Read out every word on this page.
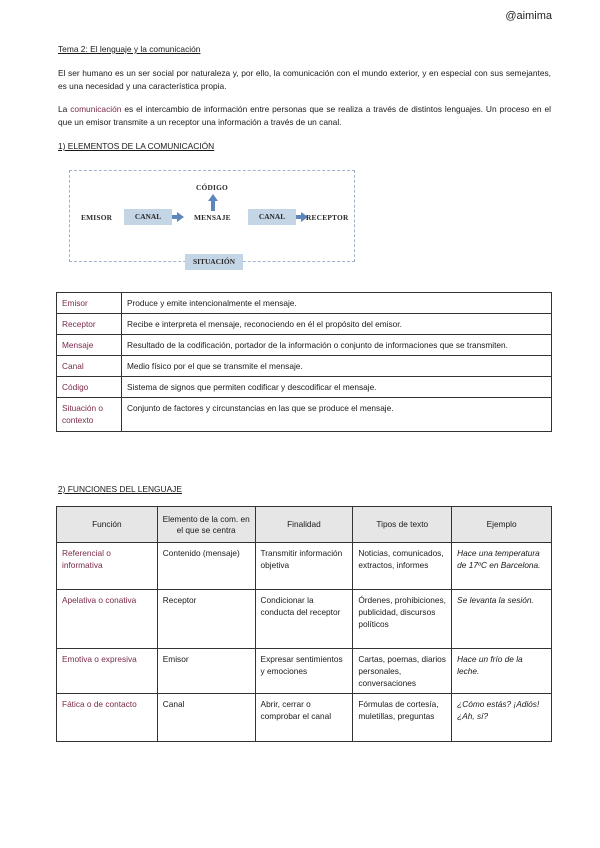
@aimima
Tema 2: El lenguaje y la comunicación

El ser humano es un ser social por naturaleza y, por ello, la comunicación con el mundo exterior, y en especial con sus semejantes, es una necesidad y una característica propia.

La comunicación es el intercambio de información entre personas que se realiza a través de distintos lenguajes. Un proceso en el que un emisor transmite a un receptor una información a través de un canal.

1) ELEMENTOS DE LA COMUNICACIÓN
EMISOR	CANAL	MENSAJE
CÓDIGO
CANAL	RECEPTOR
SITUACIÓN
Emisor	Produce y emite intencionalmente el mensaje.
Receptor	Recibe e interpreta el mensaje, reconociendo en él el propósito del emisor.
Mensaje	Resultado de la codificación, portador de la información o conjunto de informaciones que se transmiten.
Canal	Medio físico por el que se transmite el mensaje.
Código	Sistema de signos que permiten codificar y descodificar el mensaje.
Situación o contexto	Conjunto de factores y circunstancias en las que se produce el mensaje.
2) FUNCIONES DEL LENGUAJE
Función	Elemento de la com. en el que se centra	Finalidad	Tipos de texto	Ejemplo
Referencial o informativa	Contenido (mensaje)	Transmitir información objetiva	Noticias, comunicados, extractos, informes	Hace una temperatura de 17ºC en Barcelona.
Apelativa o conativa	Receptor	Condicionar la conducta del receptor	Órdenes, prohibiciones, publicidad, discursos políticos	Se levanta la sesión.
Emotiva o expresiva	Emisor	Expresar sentimientos y emociones	Cartas, poemas, diarios personales, conversaciones	Hace un frío de la leche.
Fática o de contacto	Canal	Abrir, cerrar o comprobar el canal	Fórmulas de cortesía, muletillas, preguntas	¿Cómo estás? ¡Adiós! ¿Ah, sí?
